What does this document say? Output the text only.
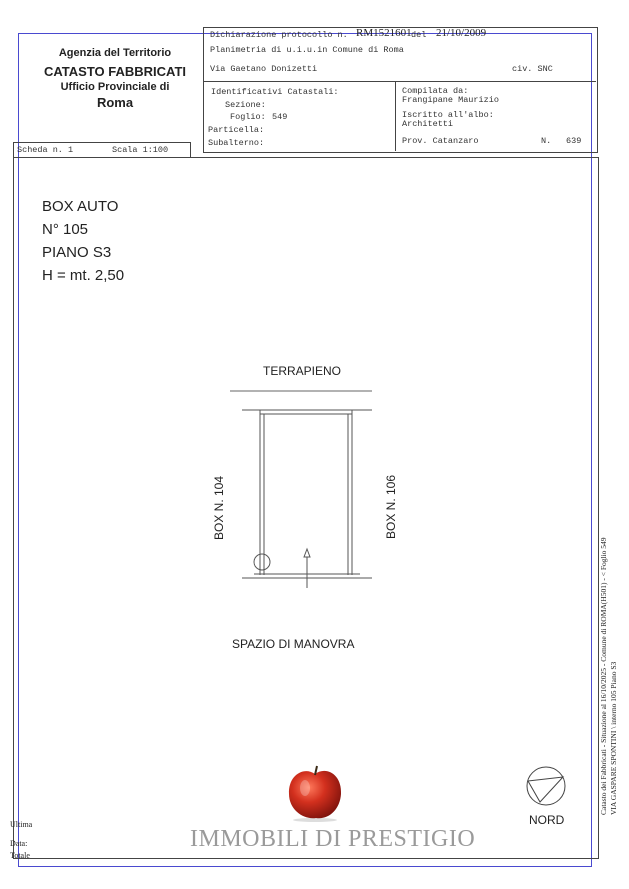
Agenzia del Territorio
CATASTO FABBRICATI
Ufficio Provinciale di
Roma
Scheda n. 1	Scala 1:100
Dichiarazione protocollo n. RM1521601 del 21/10/2009
Planimetria di u.i.u.in Comune di Roma
Via Gaetano Donizetti	civ. SNC
Identificativi Catastali:
Sezione:
Foglio: 549
Particella:
Subalterno:
Compilata da:
Frangipane Maurizio
Iscritto all'albo:
Architetti
Prov. Catanzaro	N. 639
BOX AUTO
N° 105
PIANO S3
H = mt. 2,50
TERRAPIENO
BOX N. 104	BOX N. 106
SPAZIO DI MANOVRA
NORD
IMMOBILI DI PRESTIGIO
Ultima
Data:
Totale
Catasto dei Fabbricati - Situazione al 16/10/2025 - Comune di ROMA(H501) - < Foglio 549 VIA GASPARE SPONTINI \ interno 105 Piano S3
